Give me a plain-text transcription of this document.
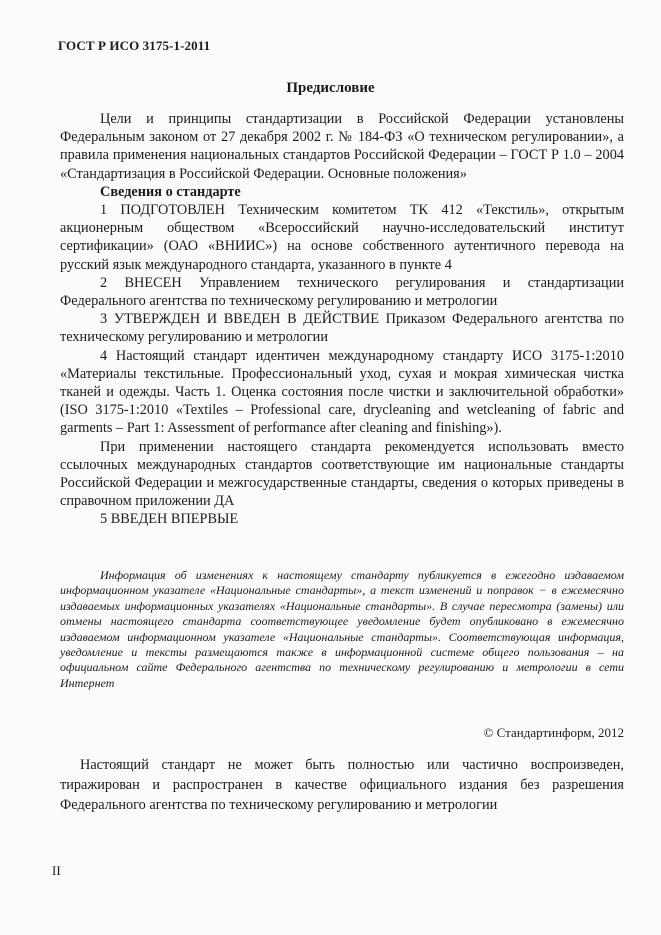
ГОСТ Р ИСО 3175-1-2011
Предисловие

Цели и принципы стандартизации в Российской Федерации установлены Федеральным законом от 27 декабря 2002 г. № 184-ФЗ «О техническом регулировании», а правила применения национальных стандартов Российской Федерации – ГОСТ Р 1.0 – 2004 «Стандартизация в Российской Федерации. Основные положения»

Сведения о стандарте

1 ПОДГОТОВЛЕН Техническим комитетом ТК 412 «Текстиль», открытым акционерным обществом «Всероссийский научно-исследовательский институт сертификации» (ОАО «ВНИИС») на основе собственного аутентичного перевода на русский язык международного стандарта, указанного в пункте 4

2 ВНЕСЕН Управлением технического регулирования и стандартизации Федерального агентства по техническому регулированию и метрологии

3 УТВЕРЖДЕН И ВВЕДЕН В ДЕЙСТВИЕ Приказом Федерального агентства по техническому регулированию и метрологии

4 Настоящий стандарт идентичен международному стандарту ИСО 3175-1:2010 «Материалы текстильные. Профессиональный уход, сухая и мокрая химическая чистка тканей и одежды. Часть 1. Оценка состояния после чистки и заключительной обработки» (ISO 3175-1:2010 «Textiles – Professional care, drycleaning and wetcleaning of fabric and garments – Part 1: Assessment of performance after cleaning and finishing»).

При применении настоящего стандарта рекомендуется использовать вместо ссылочных международных стандартов соответствующие им национальные стандарты Российской Федерации и межгосударственные стандарты, сведения о которых приведены в справочном приложении ДА

5 ВВЕДЕН ВПЕРВЫЕ

Информация об изменениях к настоящему стандарту публикуется в ежегодно издаваемом информационном указателе «Национальные стандарты», а текст изменений и поправок − в ежемесячно издаваемых информационных указателях «Национальные стандарты». В случае пересмотра (замены) или отмены настоящего стандарта соответствующее уведомление будет опубликовано в ежемесячно издаваемом информационном указателе «Национальные стандарты». Соответствующая информация, уведомление и тексты размещаются также в информационной системе общего пользования – на официальном сайте Федерального агентства по техническому регулированию и метрологии в сети Интернет

© Стандартинформ, 2012

Настоящий стандарт не может быть полностью или частично воспроизведен, тиражирован и распространен в качестве официального издания без разрешения Федерального агентства по техническому регулированию и метрологии

II
